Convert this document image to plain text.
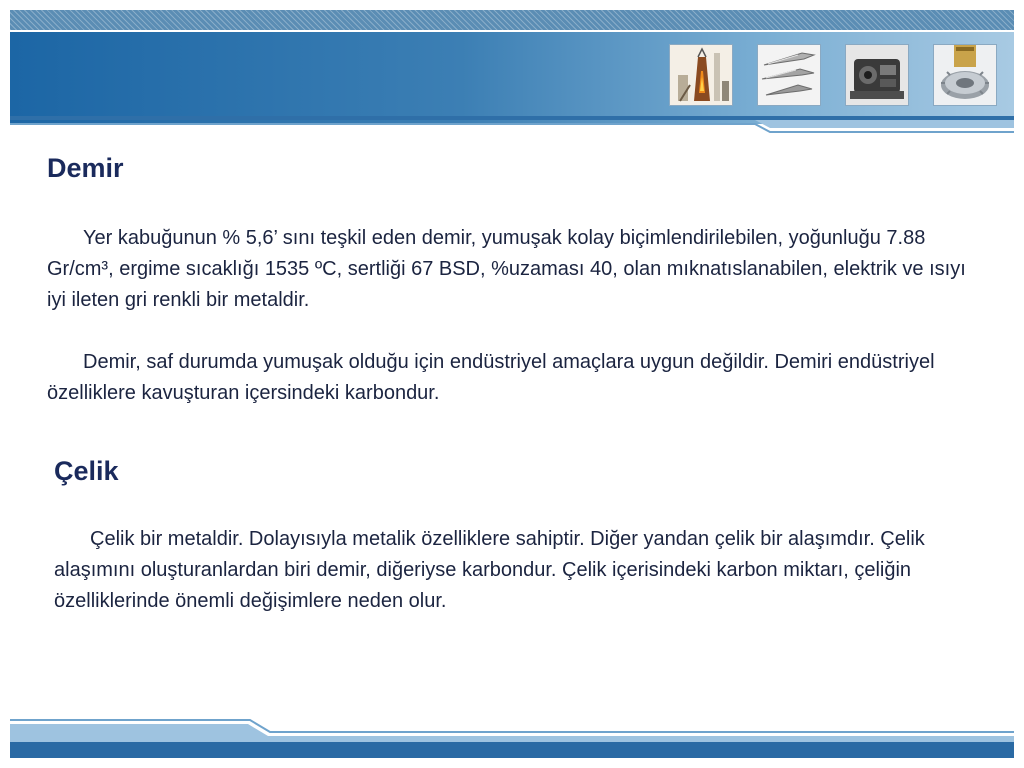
Demir

Yer kabuğunun % 5,6’ sını teşkil eden demir, yumuşak kolay biçimlendirilebilen, yoğunluğu 7.88 Gr/cm³, ergime sıcaklığı 1535 ºC, sertliği 67 BSD, %uzaması 40, olan mıknatıslanabilen, elektrik ve ısıyı iyi ileten gri renkli bir metaldir.

Demir, saf durumda yumuşak olduğu için endüstriyel amaçlara uygun değildir. Demiri endüstriyel özelliklere kavuşturan içersindeki karbondur.

Çelik

Çelik bir metaldir. Dolayısıyla metalik özelliklere sahiptir. Diğer yandan çelik bir alaşımdır. Çelik alaşımını oluşturanlardan biri demir, diğeriyse karbondur. Çelik içerisindeki karbon miktarı, çeliğin özelliklerinde önemli değişimlere neden olur.
